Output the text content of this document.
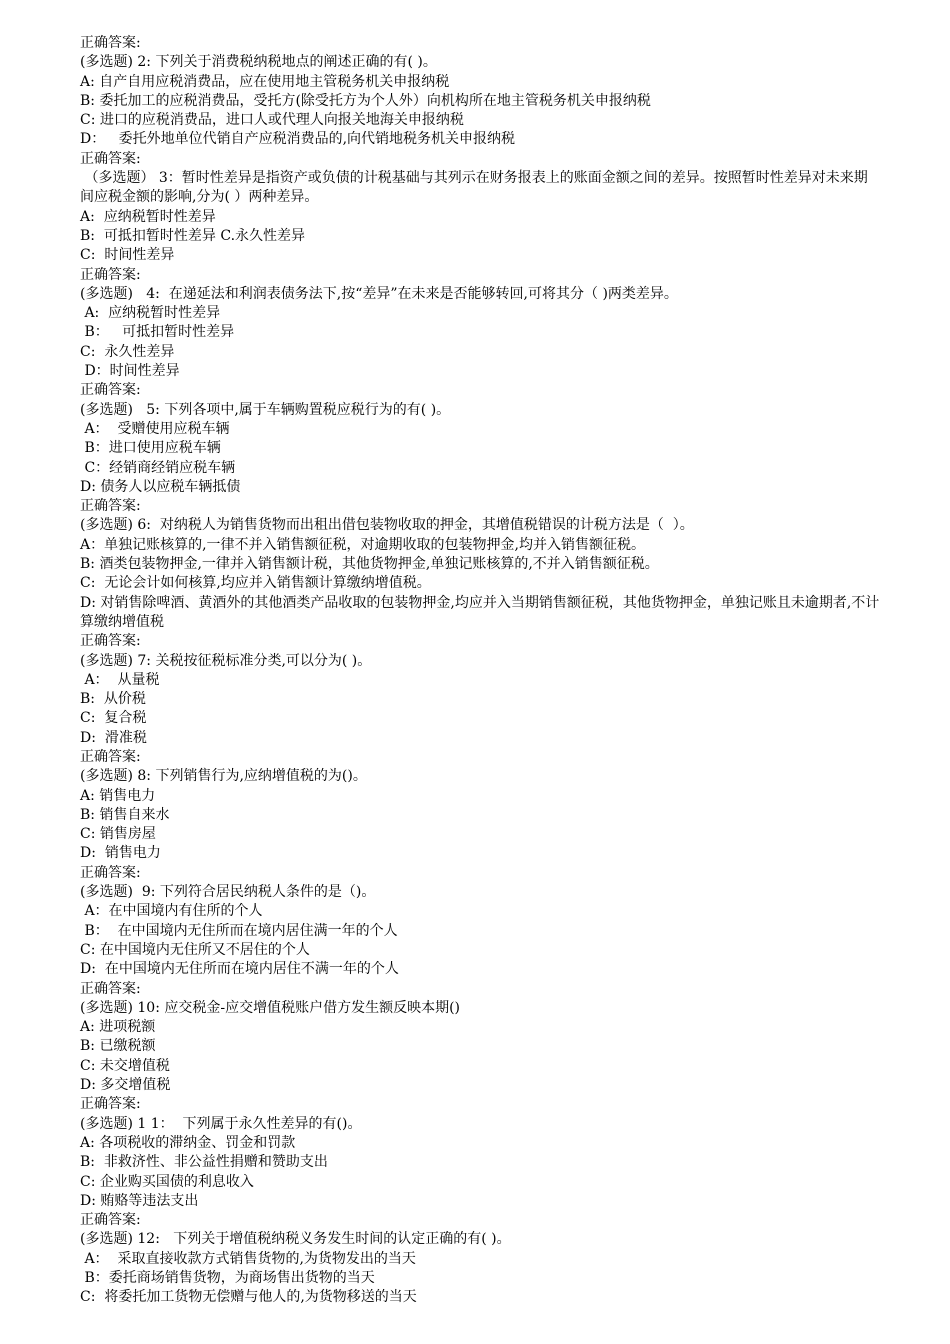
正确答案:
(多选题) 2: 下列关于消费税纳税地点的阐述正确的有( )。
A: 自产自用应税消费品，应在使用地主管税务机关申报纳税
B: 委托加工的应税消费品，受托方(除受托方为个人外）向机构所在地主管税务机关申报纳税
C: 进口的应税消费品，进口人或代理人向报关地海关申报纳税
D：   委托外地单位代销自产应税消费品的,向代销地税务机关申报纳税
正确答案:
（多选题） 3：暂时性差异是指资产或负债的计税基础与其列示在财务报表上的账面金额之间的差异。按照暂时性差异对未来期间应税金额的影响,分为( ）两种差异。
A:  应纳税暂时性差异
B:  可抵扣暂时性差异 C.永久性差异
C:  时间性差异
正确答案:
(多选题)   4:  在递延法和利润表债务法下,按“差异”在未来是否能够转回,可将其分（ )两类差异。
A:  应纳税暂时性差异
B：   可抵扣暂时性差异
C:  永久性差异
D：时间性差异
正确答案:
(多选题)   5: 下列各项中,属于车辆购置税应税行为的有( )。
A：  受赠使用应税车辆
B：进口使用应税车辆
C：经销商经销应税车辆
D: 债务人以应税车辆抵债
正确答案:
(多选题) 6:  对纳税人为销售货物而出租出借包装物收取的押金，其增值税错误的计税方法是（  ）。
A：单独记账核算的,一律不并入销售额征税，对逾期收取的包装物押金,均并入销售额征税。
B: 酒类包装物押金,一律并入销售额计税，其他货物押金,单独记账核算的,不并入销售额征税。
C:  无论会计如何核算,均应并入销售额计算缴纳增值税。
D: 对销售除啤酒、黄酒外的其他酒类产品收取的包装物押金,均应并入当期销售额征税，其他货物押金，单独记账且未逾期者,不计算缴纳增值税
正确答案:
(多选题) 7: 关税按征税标准分类,可以分为( )。
A：  从量税
B:  从价税
C:  复合税
D:  滑准税
正确答案:
(多选题) 8: 下列销售行为,应纳增值税的为()。
A: 销售电力
B: 销售自来水
C: 销售房屋
D:  销售电力
正确答案:
(多选题)  9: 下列符合居民纳税人条件的是（)。
A：在中国境内有住所的个人
B：  在中国境内无住所而在境内居住满一年的个人
C: 在中国境内无住所又不居住的个人
D:  在中国境内无住所而在境内居住不满一年的个人
正确答案:
(多选题) 10: 应交税金-应交增值税账户借方发生额反映本期()
A: 进项税额
B: 已缴税额
C: 未交增值税
D: 多交增值税
正确答案:
(多选题) 1 1：  下列属于永久性差异的有()。
A: 各项税收的滞纳金、罚金和罚款
B:  非救济性、非公益性捐赠和赞助支出
C: 企业购买国债的利息收入
D: 贿赂等违法支出
正确答案:
(多选题) 12:   下列关于增值税纳税义务发生时间的认定正确的有( )。
A：  采取直接收款方式销售货物的,为货物发出的当天
B：委托商场销售货物，为商场售出货物的当天
C:  将委托加工货物无偿赠与他人的,为货物移送的当天
